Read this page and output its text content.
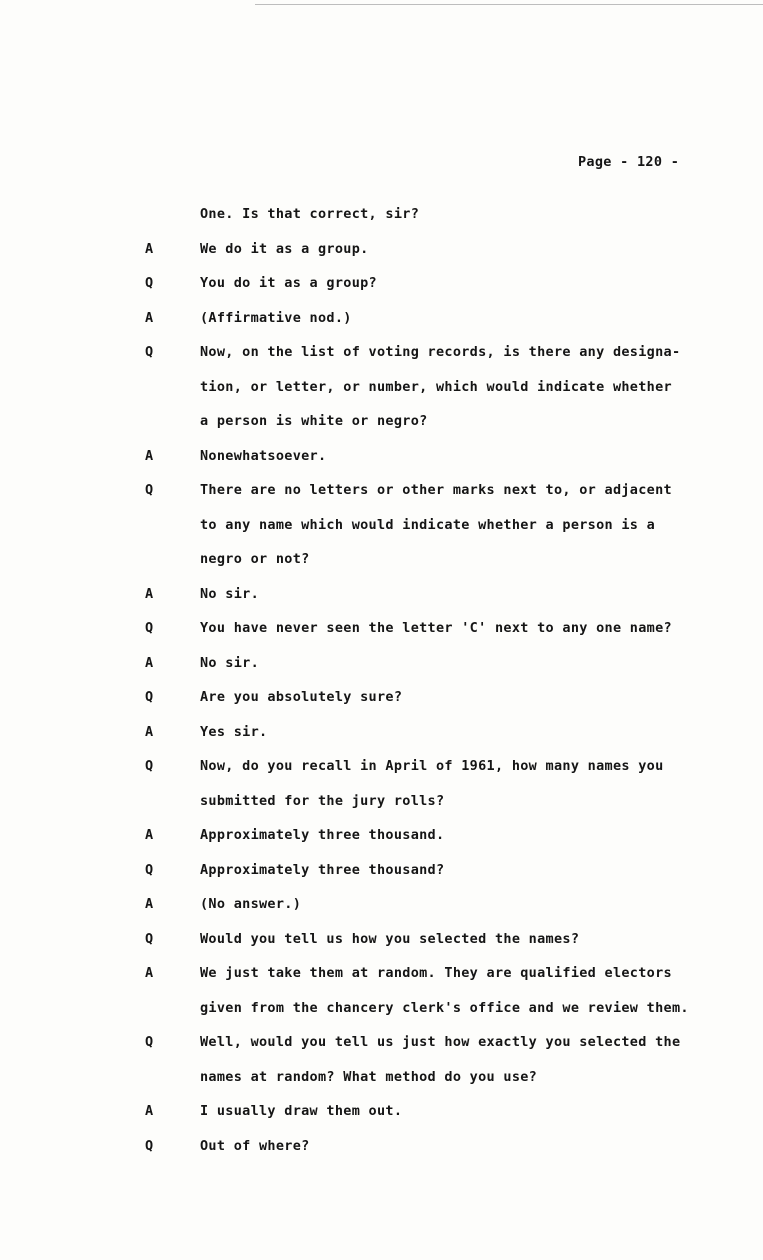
Page - 120 -
One. Is that correct, sir?
A	We do it as a group.
Q	You do it as a group?
A	(Affirmative nod.)
Q	Now, on the list of voting records, is there any designa-
tion, or letter, or number, which would indicate whether
a person is white or negro?
A	Nonewhatsoever.
Q	There are no letters or other marks next to, or adjacent
to any name which would indicate whether a person is a
negro or not?
A	No sir.
Q	You have never seen the letter 'C' next to any one name?
A	No sir.
Q	Are you absolutely sure?
A	Yes sir.
Q	Now, do you recall in April of 1961, how many names you
submitted for the jury rolls?
A	Approximately three thousand.
Q	Approximately three thousand?
A	(No answer.)
Q	Would you tell us how you selected the names?
A	We just take them at random. They are qualified electors
given from the chancery clerk's office and we review them.
Q	Well, would you tell us just how exactly you selected the
names at random? What method do you use?
A	I usually draw them out.
Q	Out of where?
